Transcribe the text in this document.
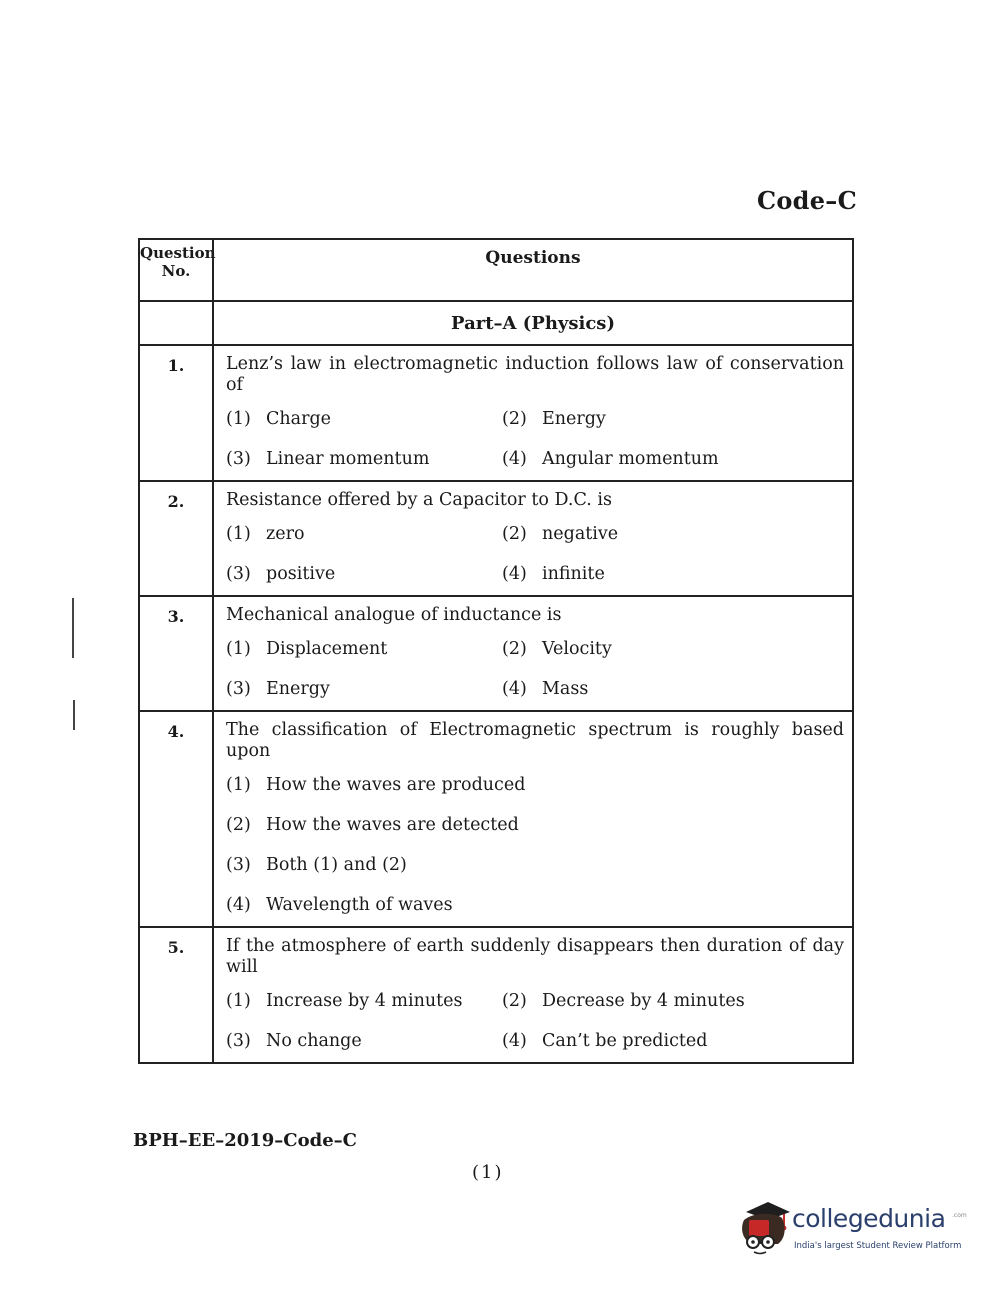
Code–C
Question No.	Questions
	Part–A (Physics)
1.	Lenz’s law in electromagnetic induction follows law of conservation of
(1) Charge (2) Energy
(3) Linear momentum (4) Angular momentum

2.	Resistance offered by a Capacitor to D.C. is
(1) zero (2) negative
(3) positive (4) infinite

3.	Mechanical analogue of inductance is
(1) Displacement (2) Velocity
(3) Energy (4) Mass

4.	The classification of Electromagnetic spectrum is roughly based upon
(1) How the waves are produced
(2) How the waves are detected
(3) Both (1) and (2)
(4) Wavelength of waves

5.	If the atmosphere of earth suddenly disappears then duration of day will
(1) Increase by 4 minutes (2) Decrease by 4 minutes
(3) No change (4) Can’t be predicted
BPH–EE–2019–Code–C
(1)
collegedunia .com
India's largest Student Review Platform
